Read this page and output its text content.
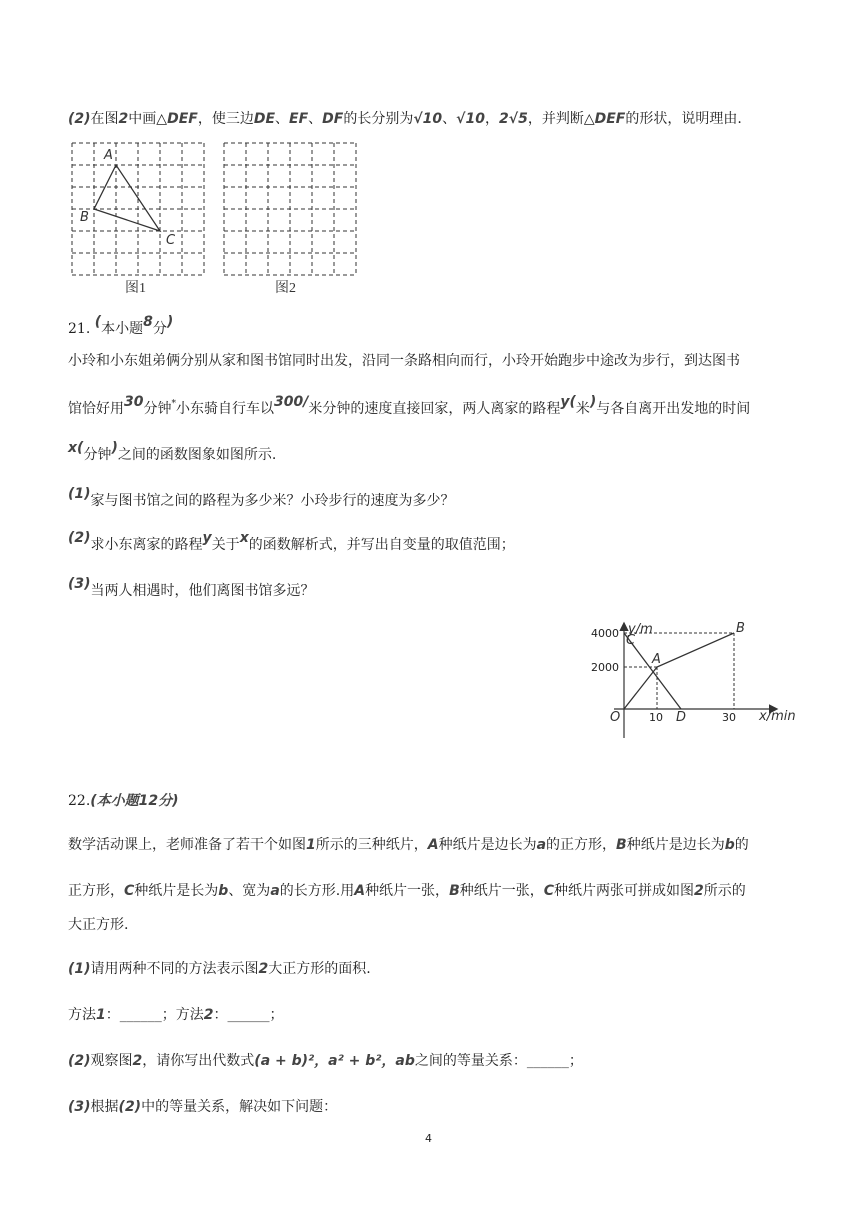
(2)在图2中画△DEF，使三边DE、EF、DF的长分别为√10、√10，2√5，并判断△DEF的形状，说明理由.
A
B
C
图1	图2
21. (本小题8分)
小玲和小东姐弟俩分别从家和图书馆同时出发，沿同一条路相向而行，小玲开始跑步中途改为步行，到达图书
馆恰好用30分钟*小东骑自行车以300/米分钟的速度直接回家，两人离家的路程y(米)与各自离开出发地的时间
x(分钟)之间的函数图象如图所示.
(1)家与图书馆之间的路程为多少米？小玲步行的速度为多少？
(2)求小东离家的路程y关于x的函数解析式，并写出自变量的取值范围；
(3)当两人相遇时，他们离图书馆多远？
y/m
x/min
O
4000
2000
10	30
C
A
B
D
22.(本小题12分)
数学活动课上，老师准备了若干个如图1所示的三种纸片，A种纸片是边长为a的正方形，B种纸片是边长为b的
正方形，C种纸片是长为b、宽为a的长方形.用A种纸片一张，B种纸片一张，C种纸片两张可拼成如图2所示的
大正方形.
(1)请用两种不同的方法表示图2大正方形的面积.
方法1：______；方法2：______；
(2)观察图2，请你写出代数式(a + b)²，a² + b²，ab之间的等量关系：______；
(3)根据(2)中的等量关系，解决如下问题：
4
